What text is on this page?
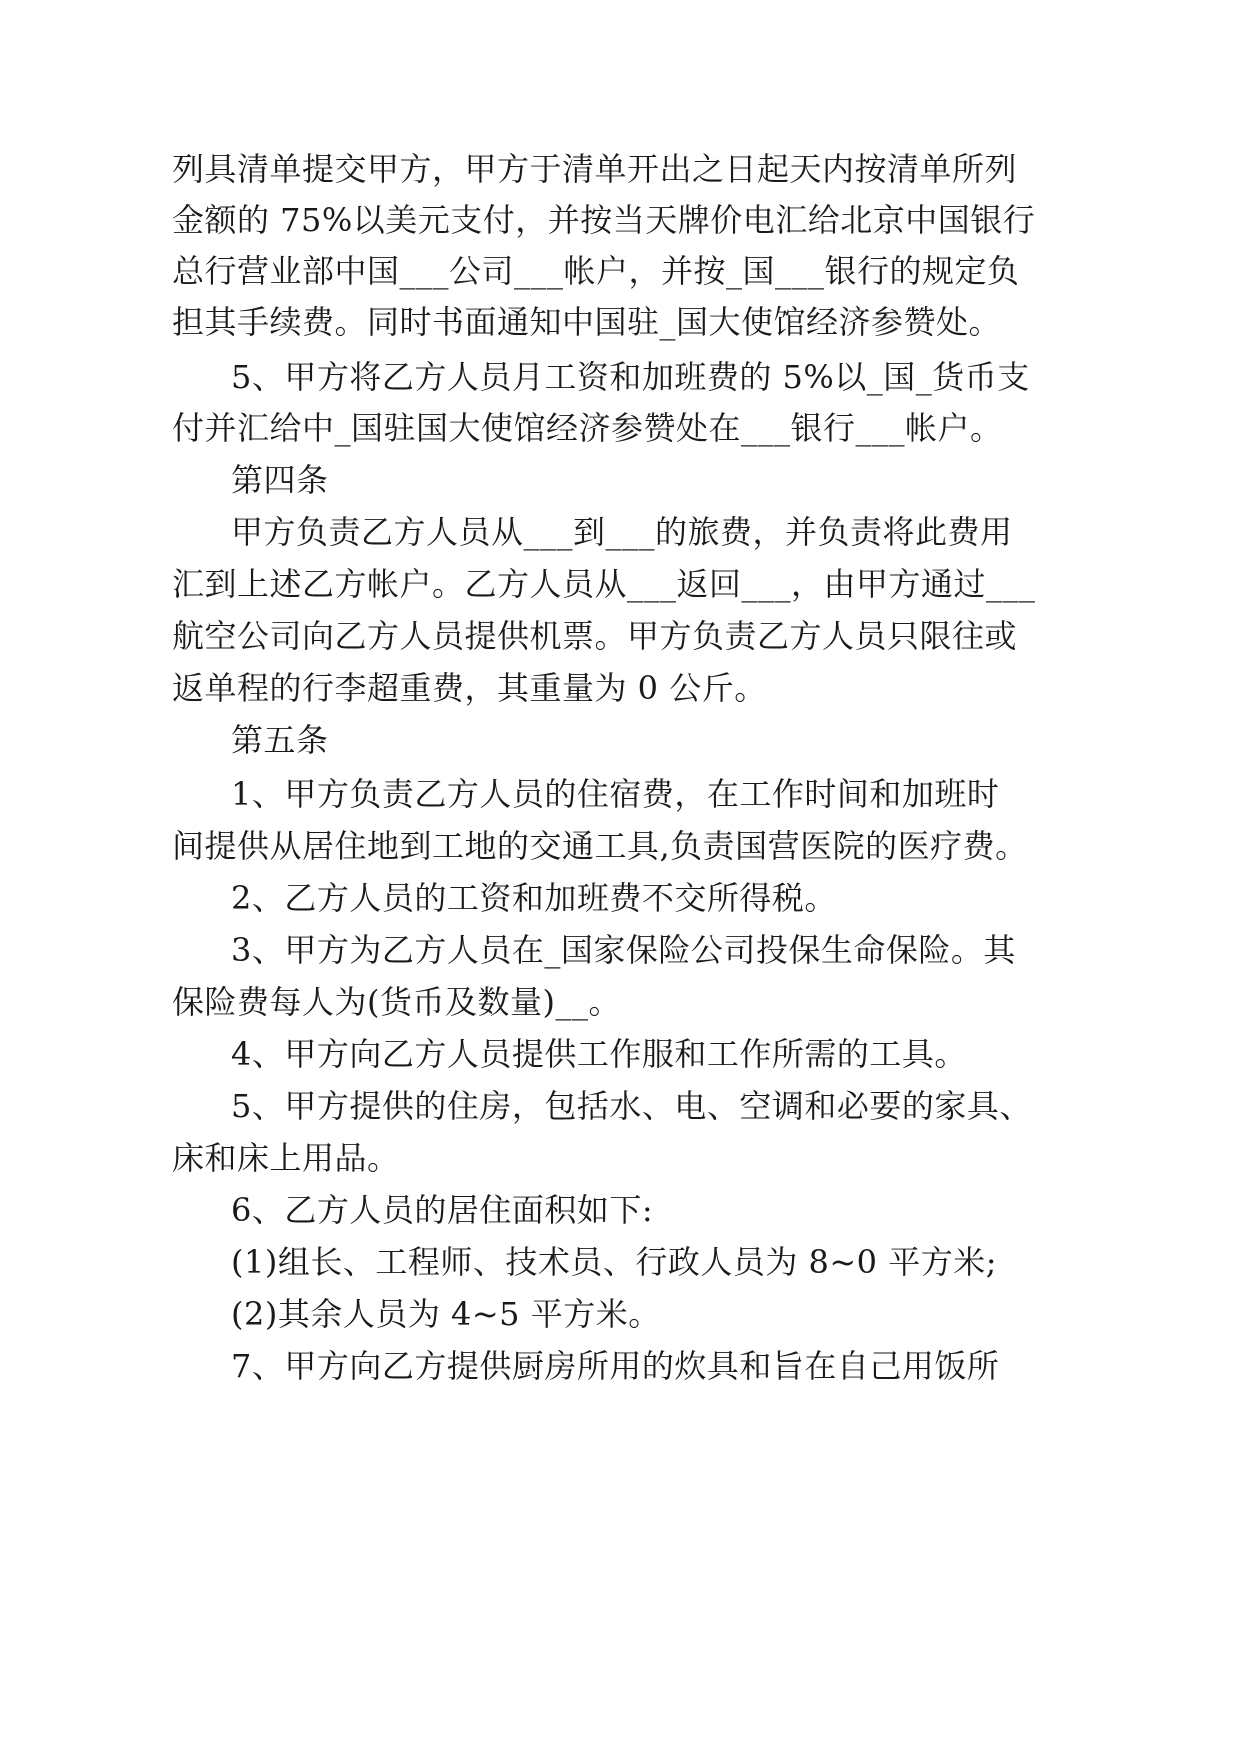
列具清单提交甲方，甲方于清单开出之日起天内按清单所列
金额的 75%以美元支付，并按当天牌价电汇给北京中国银行
总行营业部中国___公司___帐户，并按_国___银行的规定负
担其手续费。同时书面通知中国驻_国大使馆经济参赞处。
5、甲方将乙方人员月工资和加班费的 5%以_国_货币支
付并汇给中_国驻国大使馆经济参赞处在___银行___帐户。
第四条
甲方负责乙方人员从___到___的旅费，并负责将此费用
汇到上述乙方帐户。乙方人员从___返回___，由甲方通过___
航空公司向乙方人员提供机票。甲方负责乙方人员只限往或
返单程的行李超重费，其重量为 0 公斤。
第五条
1、甲方负责乙方人员的住宿费，在工作时间和加班时
间提供从居住地到工地的交通工具,负责国营医院的医疗费。
2、乙方人员的工资和加班费不交所得税。
3、甲方为乙方人员在_国家保险公司投保生命保险。其
保险费每人为(货币及数量)__。
4、甲方向乙方人员提供工作服和工作所需的工具。
5、甲方提供的住房，包括水、电、空调和必要的家具、
床和床上用品。
6、乙方人员的居住面积如下:
(1)组长、工程师、技术员、行政人员为 8~0 平方米;
(2)其余人员为 4~5 平方米。
7、甲方向乙方提供厨房所用的炊具和旨在自己用饭所
